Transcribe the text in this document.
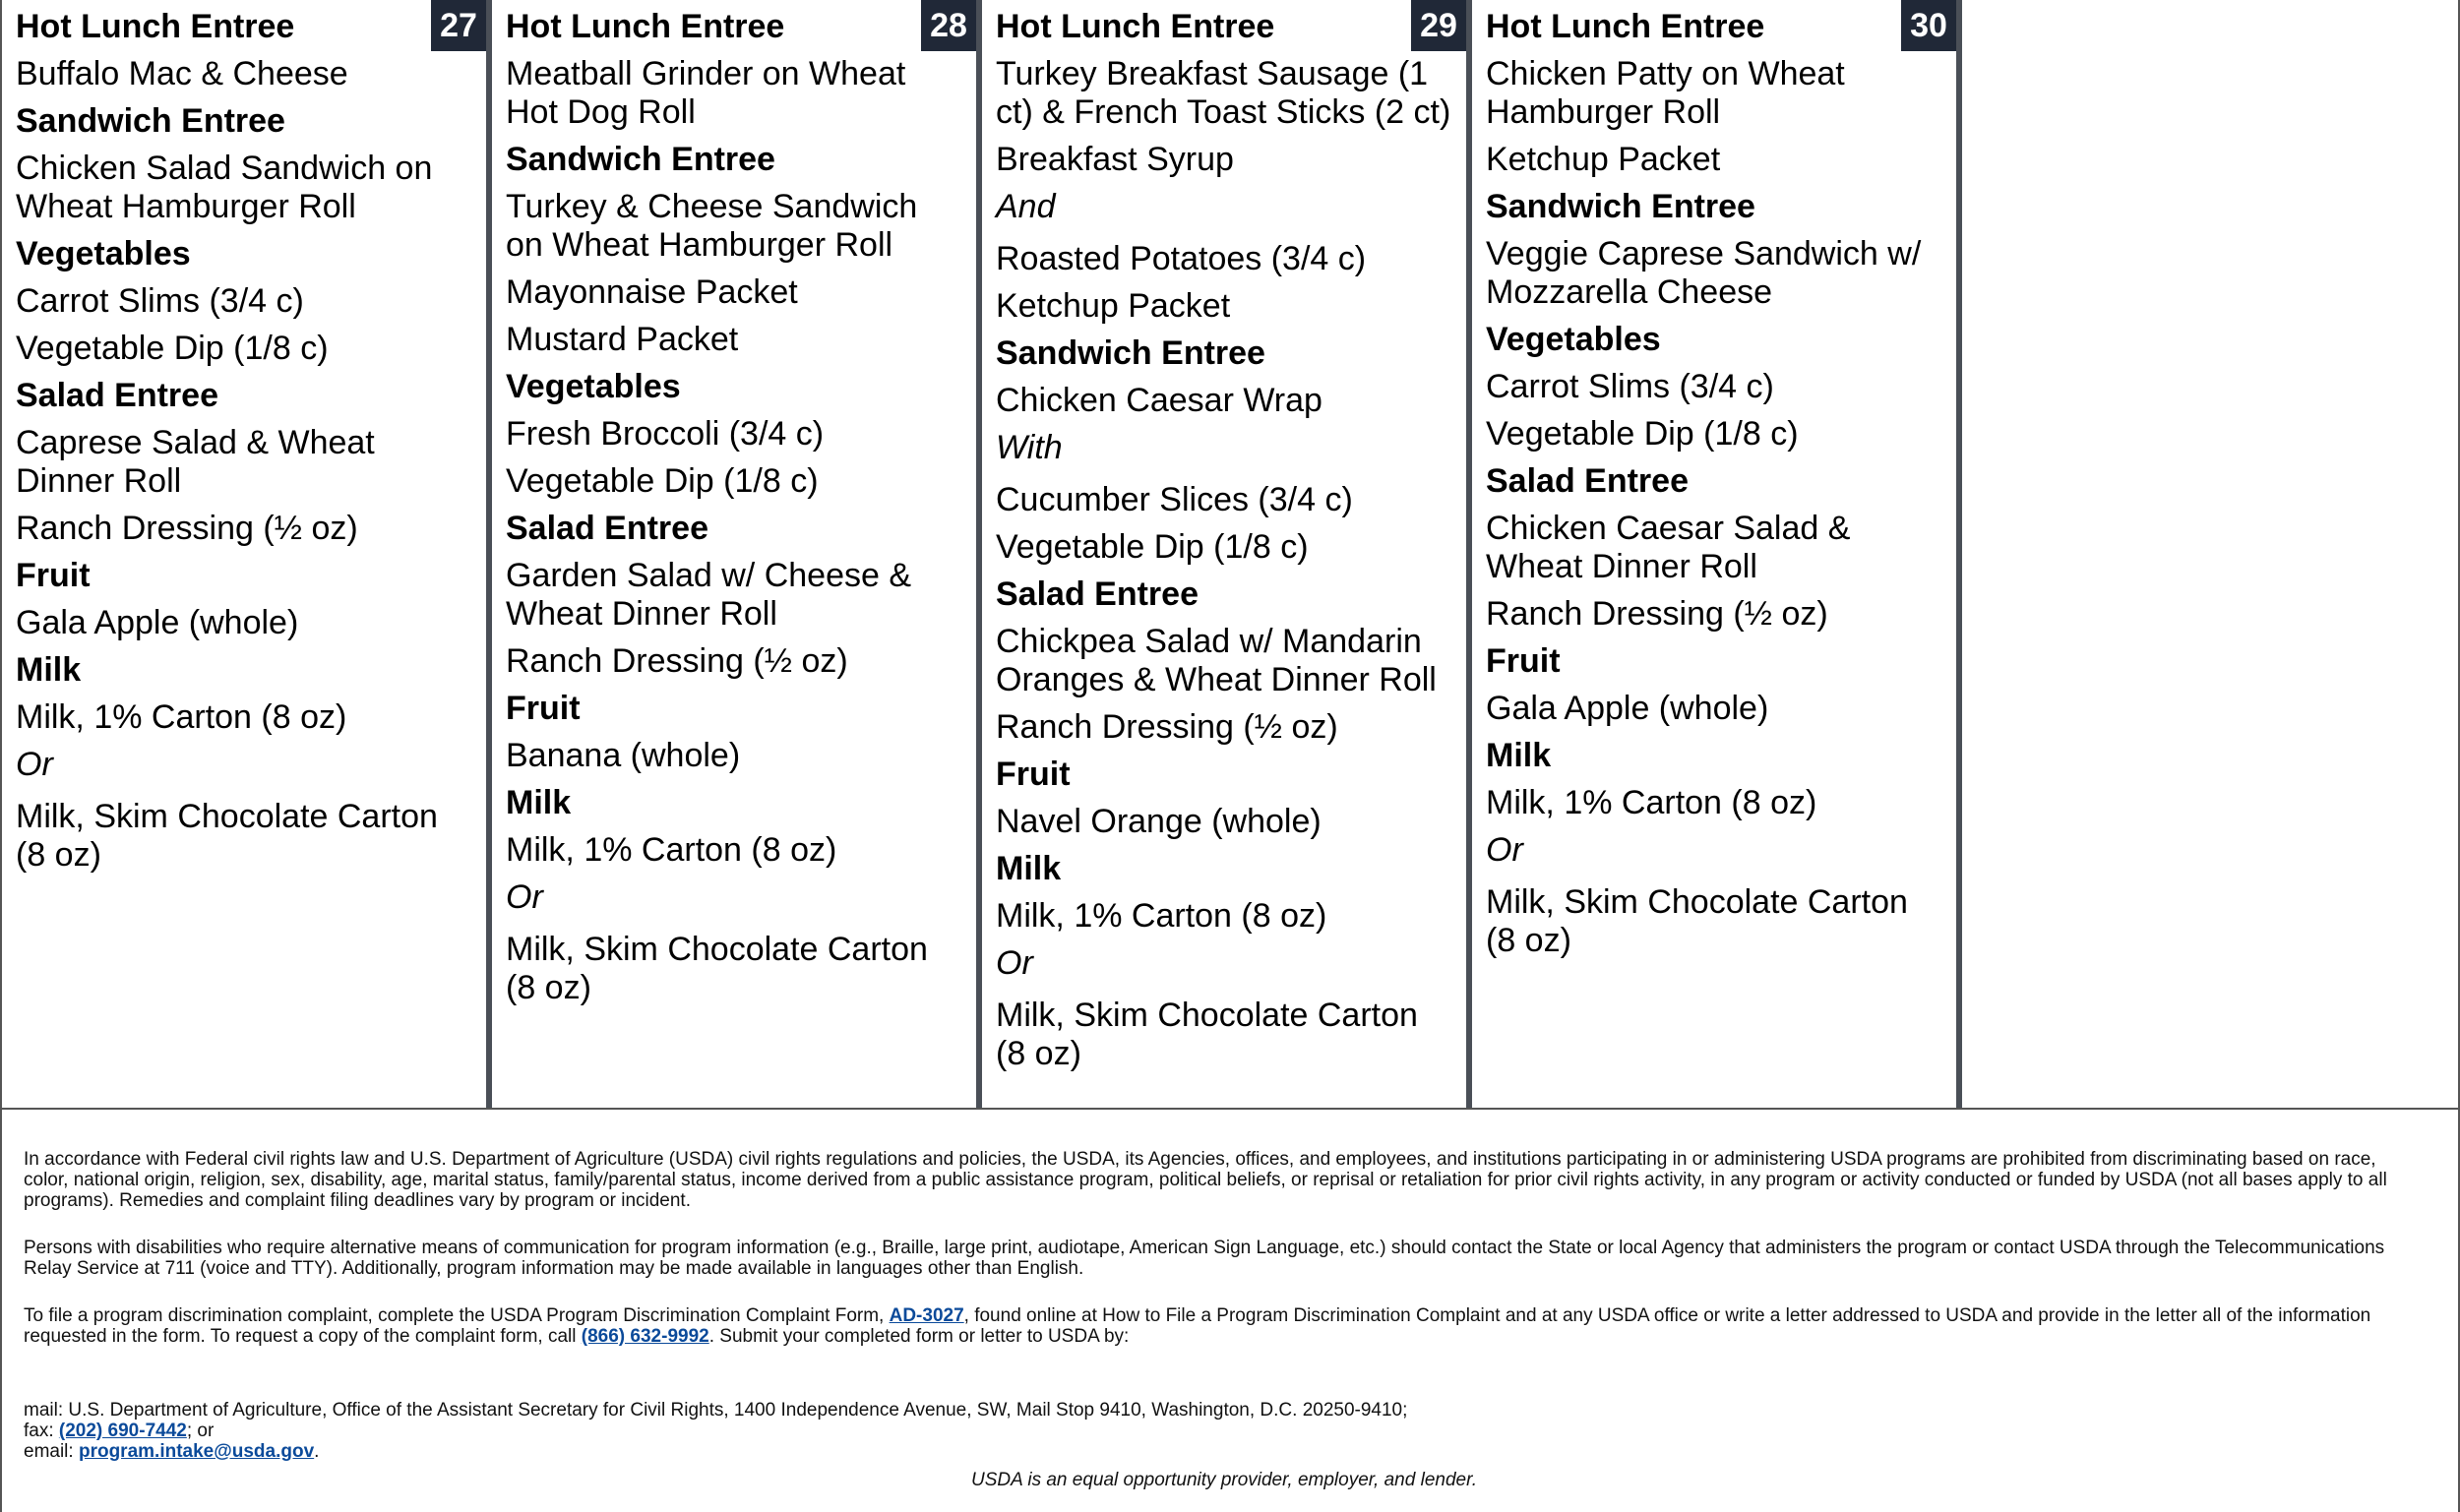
27
Hot Lunch Entree
Buffalo Mac & Cheese
Sandwich Entree
Chicken Salad Sandwich on Wheat Hamburger Roll
Vegetables
Carrot Slims (3/4 c)
Vegetable Dip (1/8 c)
Salad Entree
Caprese Salad & Wheat Dinner Roll
Ranch Dressing (½ oz)
Fruit
Gala Apple (whole)
Milk
Milk, 1% Carton (8 oz)
Or
Milk, Skim Chocolate Carton (8 oz)
28
Hot Lunch Entree
Meatball Grinder on Wheat Hot Dog Roll
Sandwich Entree
Turkey & Cheese Sandwich on Wheat Hamburger Roll
Mayonnaise Packet
Mustard Packet
Vegetables
Fresh Broccoli (3/4 c)
Vegetable Dip (1/8 c)
Salad Entree
Garden Salad w/ Cheese & Wheat Dinner Roll
Ranch Dressing (½ oz)
Fruit
Banana (whole)
Milk
Milk, 1% Carton (8 oz)
Or
Milk, Skim Chocolate Carton (8 oz)
29
Hot Lunch Entree
Turkey Breakfast Sausage (1 ct) & French Toast Sticks (2 ct)
Breakfast Syrup
And
Roasted Potatoes (3/4 c)
Ketchup Packet
Sandwich Entree
Chicken Caesar Wrap
With
Cucumber Slices (3/4 c)
Vegetable Dip (1/8 c)
Salad Entree
Chickpea Salad w/ Mandarin Oranges & Wheat Dinner Roll
Ranch Dressing (½ oz)
Fruit
Navel Orange (whole)
Milk
Milk, 1% Carton (8 oz)
Or
Milk, Skim Chocolate Carton (8 oz)
30
Hot Lunch Entree
Chicken Patty on Wheat Hamburger Roll
Ketchup Packet
Sandwich Entree
Veggie Caprese Sandwich w/ Mozzarella Cheese
Vegetables
Carrot Slims (3/4 c)
Vegetable Dip (1/8 c)
Salad Entree
Chicken Caesar Salad & Wheat Dinner Roll
Ranch Dressing (½ oz)
Fruit
Gala Apple (whole)
Milk
Milk, 1% Carton (8 oz)
Or
Milk, Skim Chocolate Carton (8 oz)

In accordance with Federal civil rights law and U.S. Department of Agriculture (USDA) civil rights regulations and policies, the USDA, its Agencies, offices, and employees, and institutions participating in or administering USDA programs are prohibited from discriminating based on race, color, national origin, religion, sex, disability, age, marital status, family/parental status, income derived from a public assistance program, political beliefs, or reprisal or retaliation for prior civil rights activity, in any program or activity conducted or funded by USDA (not all bases apply to all programs). Remedies and complaint filing deadlines vary by program or incident.

Persons with disabilities who require alternative means of communication for program information (e.g., Braille, large print, audiotape, American Sign Language, etc.) should contact the State or local Agency that administers the program or contact USDA through the Telecommunications Relay Service at 711 (voice and TTY). Additionally, program information may be made available in languages other than English.

To file a program discrimination complaint, complete the USDA Program Discrimination Complaint Form, AD-3027, found online at How to File a Program Discrimination Complaint and at any USDA office or write a letter addressed to USDA and provide in the letter all of the information requested in the form. To request a copy of the complaint form, call (866) 632-9992. Submit your completed form or letter to USDA by:

mail: U.S. Department of Agriculture, Office of the Assistant Secretary for Civil Rights, 1400 Independence Avenue, SW, Mail Stop 9410, Washington, D.C. 20250-9410;
fax: (202) 690-7442; or
email: program.intake@usda.gov.

USDA is an equal opportunity provider, employer, and lender.
